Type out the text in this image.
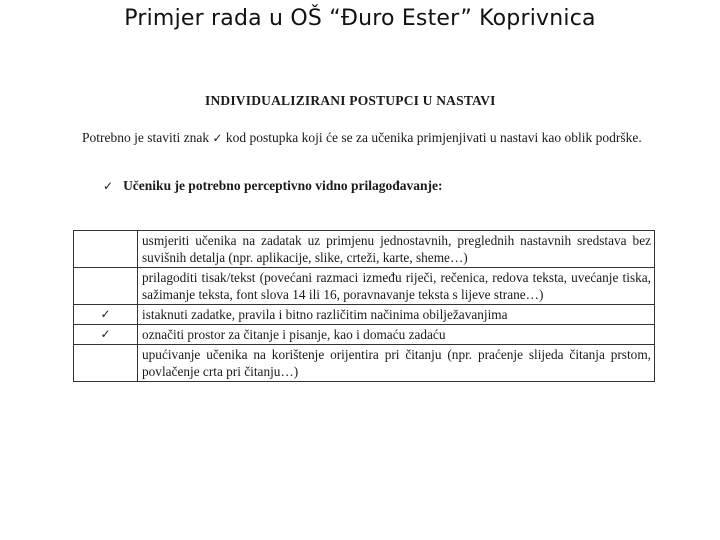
Primjer rada u OŠ “Đuro Ester” Koprivnica
INDIVIDUALIZIRANI POSTUPCI U NASTAVI
Potrebno je staviti znak ✓ kod postupka koji će se za učenika primjenjivati u nastavi kao oblik podrške.
✓ Učeniku je potrebno perceptivno vidno prilagođavanje:
	usmjeriti učenika na zadatak uz primjenu jednostavnih, preglednih nastavnih sredstava bez suvišnih detalja (npr. aplikacije, slike, crteži, karte, sheme…)
	prilagoditi tisak/tekst (povećani razmaci između riječi, rečenica, redova teksta, uvećanje tiska, sažimanje teksta, font slova 14 ili 16, poravnavanje teksta s lijeve strane…)
✓	istaknuti zadatke, pravila i bitno različitim načinima obilježavanjima
✓	označiti prostor za čitanje i pisanje, kao i domaću zadaću
	upućivanje učenika na korištenje orijentira pri čitanju (npr. praćenje slijeda čitanja prstom, povlačenje crta pri čitanju…)
